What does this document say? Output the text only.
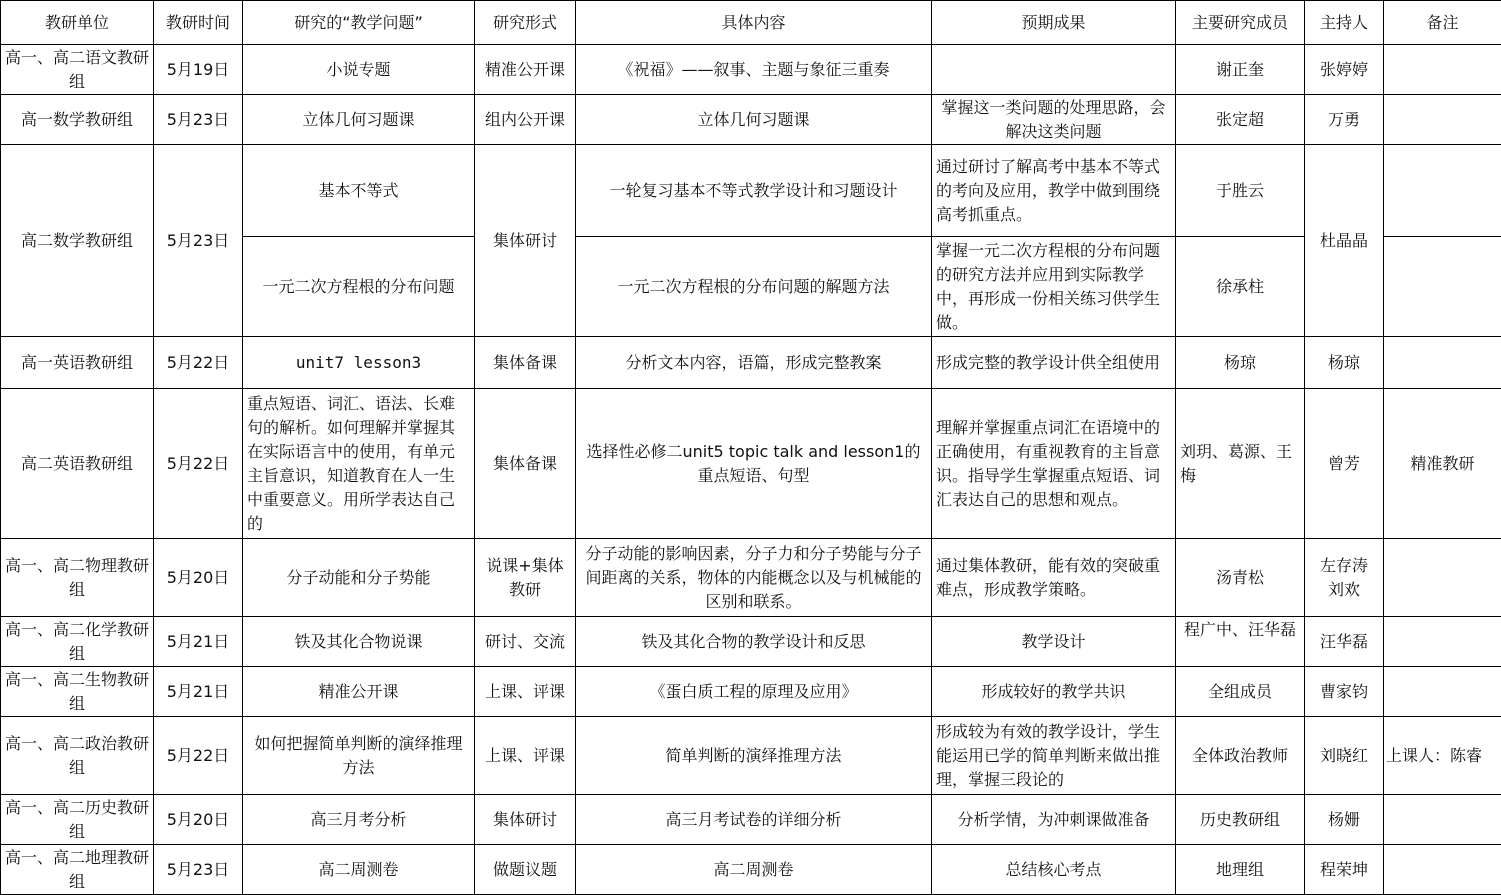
教研单位	教研时间	研究的“教学问题”	研究形式	具体内容	预期成果	主要研究成员	主持人	备注

高一、高二语文教研组	5月19日	小说专题	精准公开课	《祝福》——叙事、主题与象征三重奏		谢正奎	张婷婷	
高一数学教研组	5月23日	立体几何习题课	组内公开课	立体几何习题课	掌握这一类问题的处理思路，会解决这类问题	张定超	万勇	
高二数学教研组	5月23日	基本不等式	集体研讨	一轮复习基本不等式教学设计和习题设计	通过研讨了解高考中基本不等式的考向及应用，教学中做到围绕高考抓重点。	于胜云	杜晶晶	
		一元二次方程根的分布问题		一元二次方程根的分布问题的解题方法	掌握一元二次方程根的分布问题的研究方法并应用到实际教学中，再形成一份相关练习供学生做。	徐承柱		
高一英语教研组	5月22日	unit7 lesson3	集体备课	分析文本内容，语篇，形成完整教案	形成完整的教学设计供全组使用	杨琼	杨琼	
高二英语教研组	5月22日	重点短语、词汇、语法、长难句的解析。如何理解并掌握其在实际语言中的使用，有单元主旨意识，知道教育在人一生中重要意义。用所学表达自己的	集体备课	选择性必修二unit5 topic talk and lesson1的重点短语、句型	理解并掌握重点词汇在语境中的正确使用，有重视教育的主旨意识。指导学生掌握重点短语、词汇表达自己的思想和观点。	刘玥、葛源、王梅	曾芳	精准教研
高一、高二物理教研组	5月20日	分子动能和分子势能	说课+集体教研	分子动能的影响因素，分子力和分子势能与分子间距离的关系，物体的内能概念以及与机械能的区别和联系。	通过集体教研，能有效的突破重难点，形成教学策略。	汤青松	左存涛刘欢	

高一、高二化学教研组	5月21日	铁及其化合物说课	研讨、交流	铁及其化合物的教学设计和反思	教学设计	程广中、汪华磊	汪华磊	

高一、高二生物教研组	5月21日	精准公开课	上课、评课	《蛋白质工程的原理及应用》	形成较好的教学共识	全组成员	曹家钧	
高一、高二政治教研组	5月22日	如何把握简单判断的演绎推理方法	上课、评课	简单判断的演绎推理方法	形成较为有效的教学设计，学生能运用已学的简单判断来做出推理，掌握三段论的	全体政治教师	刘晓红	上课人：陈睿

高一、高二历史教研组	5月20日	高三月考分析	集体研讨	高三月考试卷的详细分析	分析学情，为冲刺课做准备	历史教研组	杨姗	

高一、高二地理教研组	5月23日	高二周测卷	做题议题	高二周测卷	总结核心考点	地理组	程荣坤	
